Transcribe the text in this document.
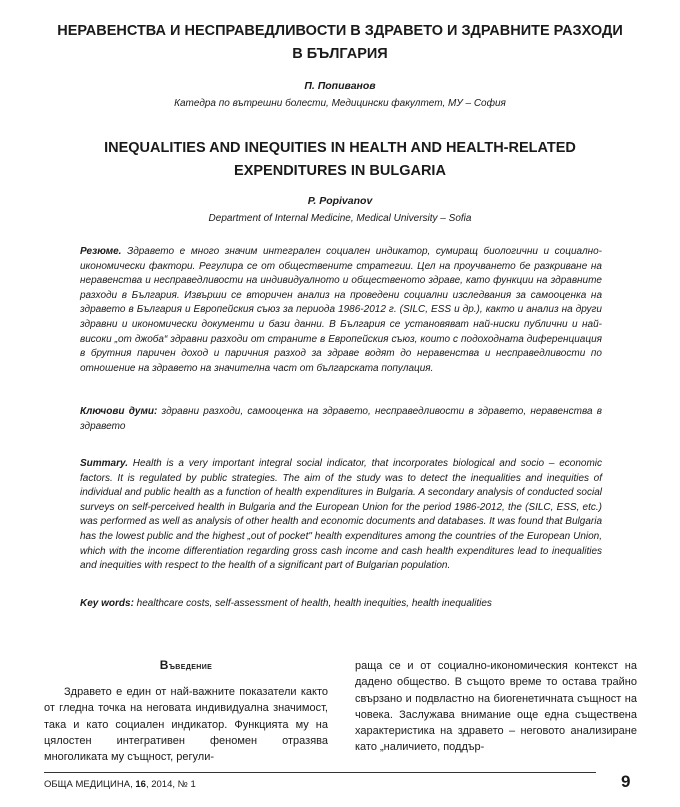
НЕРАВЕНСТВА И НЕСПРАВЕДЛИВОСТИ В ЗДРАВЕТО И ЗДРАВНИТЕ РАЗХОДИ
В БЪЛГАРИЯ

П. Попиванов

Катедра по вътрешни болести, Медицински факултет, МУ – София

INEQUALITIES AND INEQUITIES IN HEALTH AND HEALTH-RELATED
EXPENDITURES IN BULGARIA

P. Popivanov

Department of Internal Medicine, Medical University – Sofia

Резюме. Здравето е много значим интегрален социален индикатор, сумиращ биологични и социално-икономически фактори. Регулира се от обществените стратегии. Цел на проучването бе разкриване на неравенства и несправедливости на индивидуалното и общественото здраве, като функции на здравните разходи в България. Извърши се вторичен анализ на проведени социални изследвания за самооценка на здравето в България и Европейския съюз за периода 1986-2012 г. (SILC, ESS и др.), както и анализ на други здравни и икономически документи и бази данни. В България се установяват най-ниски публични и най-високи „от джоба“ здравни разходи от страните в Европейския съюз, които с подоходната диференциация в брутния паричен доход и паричния разход за здраве водят до неравенства и несправедливости по отношение на здравето на значителна част от българската популация.

Ключови думи: здравни разходи, самооценка на здравето, несправедливости в здравето, неравенства в здравето

Summary. Health is a very important integral social indicator, that incorporates biological and socio – economic factors. It is regulated by public strategies. The aim of the study was to detect the inequalities and inequities of individual and public health as a function of health expenditures in Bulgaria. A secondary analysis of conducted social surveys on self-perceived health in Bulgaria and the European Union for the period 1986-2012, the (SILC, ESS, etc.) was performed as well as analysis of other health and economic documents and databases. It was found that Bulgaria has the lowest public and the highest „out of pocket" health expenditures among the countries of the European Union, which with the income differentiation regarding gross cash income and cash health expenditures lead to inequalities and inequities with respect to the health of a significant part of Bulgarian population.

Key words: healthcare costs, self-assessment of health, health inequities, health inequalities

Въведение

Здравето е един от най-важните показатели както от гледна точка на неговата индивидуална значимост, така и като социален индикатор. Функцията му на цялостен интегративен феномен отразява многоликата му същност, регули-

раща се и от социално-икономическия контекст на дадено общество. В същото време то остава трайно свързано и подвластно на биогенетичната същност на човека. Заслужава внимание още една съществена характеристика на здравето – неговото анализиране като „наличието, поддър-

ОБЩА МЕДИЦИНА, 16, 2014, № 1	9
